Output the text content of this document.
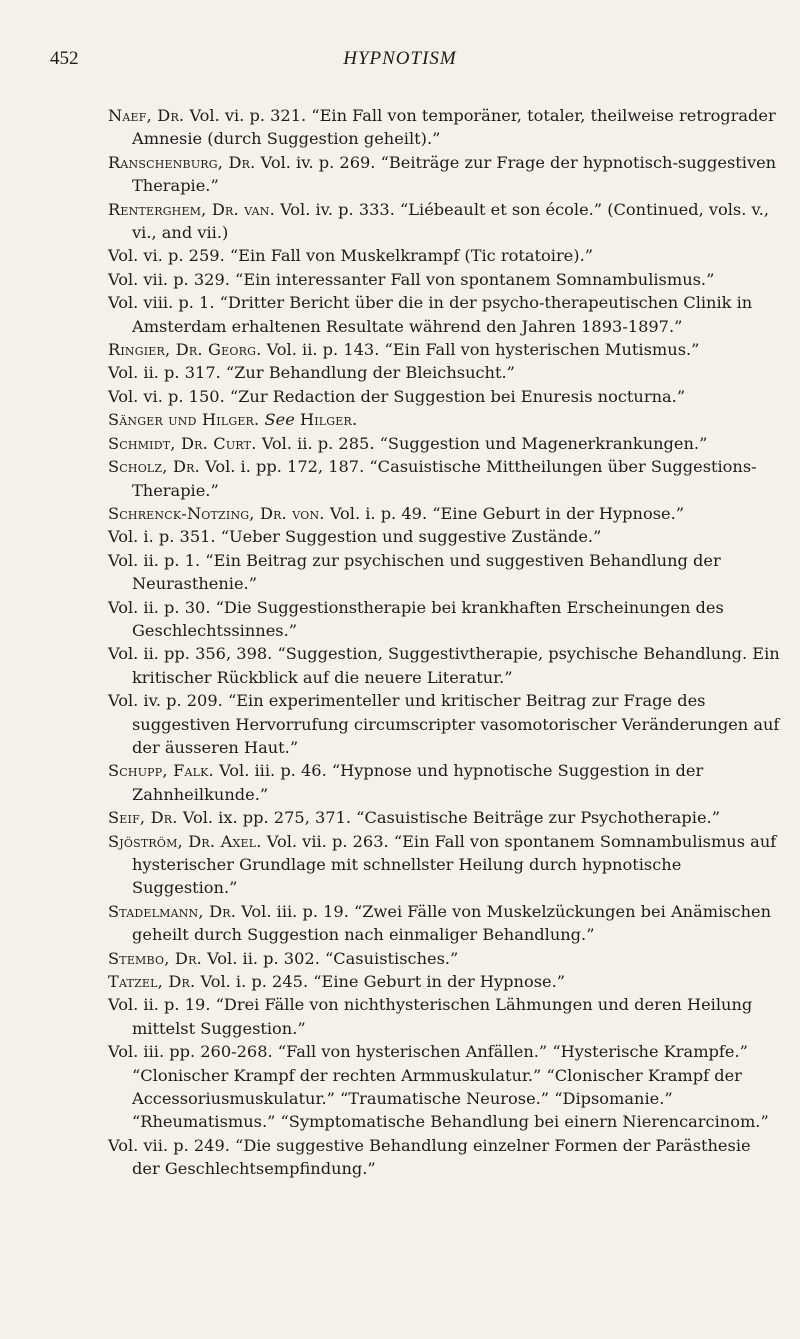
452	HYPNOTISM

Naef, Dr. Vol. vi. p. 321. “Ein Fall von temporäner, totaler, theilweise retrograder Amnesie (durch Suggestion geheilt).”

Ranschenburg, Dr. Vol. iv. p. 269. “Beiträge zur Frage der hypnotisch-suggestiven Therapie.”

Renterghem, Dr. van. Vol. iv. p. 333. “Liébeault et son école.” (Continued, vols. v., vi., and vii.)

Vol. vi. p. 259. “Ein Fall von Muskelkrampf (Tic rotatoire).”

Vol. vii. p. 329. “Ein interessanter Fall von spontanem Somnambulismus.”

Vol. viii. p. 1. “Dritter Bericht über die in der psycho-therapeutischen Clinik in Amsterdam erhaltenen Resultate während den Jahren 1893-1897.”

Ringier, Dr. Georg. Vol. ii. p. 143. “Ein Fall von hysterischen Mutismus.”

Vol. ii. p. 317. “Zur Behandlung der Bleichsucht.”

Vol. vi. p. 150. “Zur Redaction der Suggestion bei Enuresis nocturna.”

Sänger und Hilger. See Hilger.

Schmidt, Dr. Curt. Vol. ii. p. 285. “Suggestion und Magenerkrankungen.”

Scholz, Dr. Vol. i. pp. 172, 187. “Casuistische Mittheilungen über Suggestions-Therapie.”

Schrenck-Notzing, Dr. von. Vol. i. p. 49. “Eine Geburt in der Hypnose.”

Vol. i. p. 351. “Ueber Suggestion und suggestive Zustände.”

Vol. ii. p. 1. “Ein Beitrag zur psychischen und suggestiven Behandlung der Neurasthenie.”

Vol. ii. p. 30. “Die Suggestionstherapie bei krankhaften Erscheinungen des Geschlechtssinnes.”

Vol. ii. pp. 356, 398. “Suggestion, Suggestivtherapie, psychische Behandlung. Ein kritischer Rückblick auf die neuere Literatur.”

Vol. iv. p. 209. “Ein experimenteller und kritischer Beitrag zur Frage des suggestiven Hervorrufung circumscripter vasomotorischer Veränderungen auf der äusseren Haut.”

Schupp, Falk. Vol. iii. p. 46. “Hypnose und hypnotische Suggestion in der Zahnheilkunde.”

Seif, Dr. Vol. ix. pp. 275, 371. “Casuistische Beiträge zur Psychotherapie.”

Sjöström, Dr. Axel. Vol. vii. p. 263. “Ein Fall von spontanem Somnambulismus auf hysterischer Grundlage mit schnellster Heilung durch hypnotische Suggestion.”

Stadelmann, Dr. Vol. iii. p. 19. “Zwei Fälle von Muskelzückungen bei Anämischen geheilt durch Suggestion nach einmaliger Behandlung.”

Stembo, Dr. Vol. ii. p. 302. “Casuistisches.”

Tatzel, Dr. Vol. i. p. 245. “Eine Geburt in der Hypnose.”

Vol. ii. p. 19. “Drei Fälle von nichthysterischen Lähmungen und deren Heilung mittelst Suggestion.”

Vol. iii. pp. 260-268. “Fall von hysterischen Anfällen.” “Hysterische Krampfe.” “Clonischer Krampf der rechten Armmuskulatur.” “Clonischer Krampf der Accessoriusmuskulatur.” “Traumatische Neurose.” “Dipsomanie.” “Rheumatismus.” “Symptomatische Behandlung bei einern Nierencarcinom.”

Vol. vii. p. 249. “Die suggestive Behandlung einzelner Formen der Parästhesie der Geschlechtsempfindung.”
